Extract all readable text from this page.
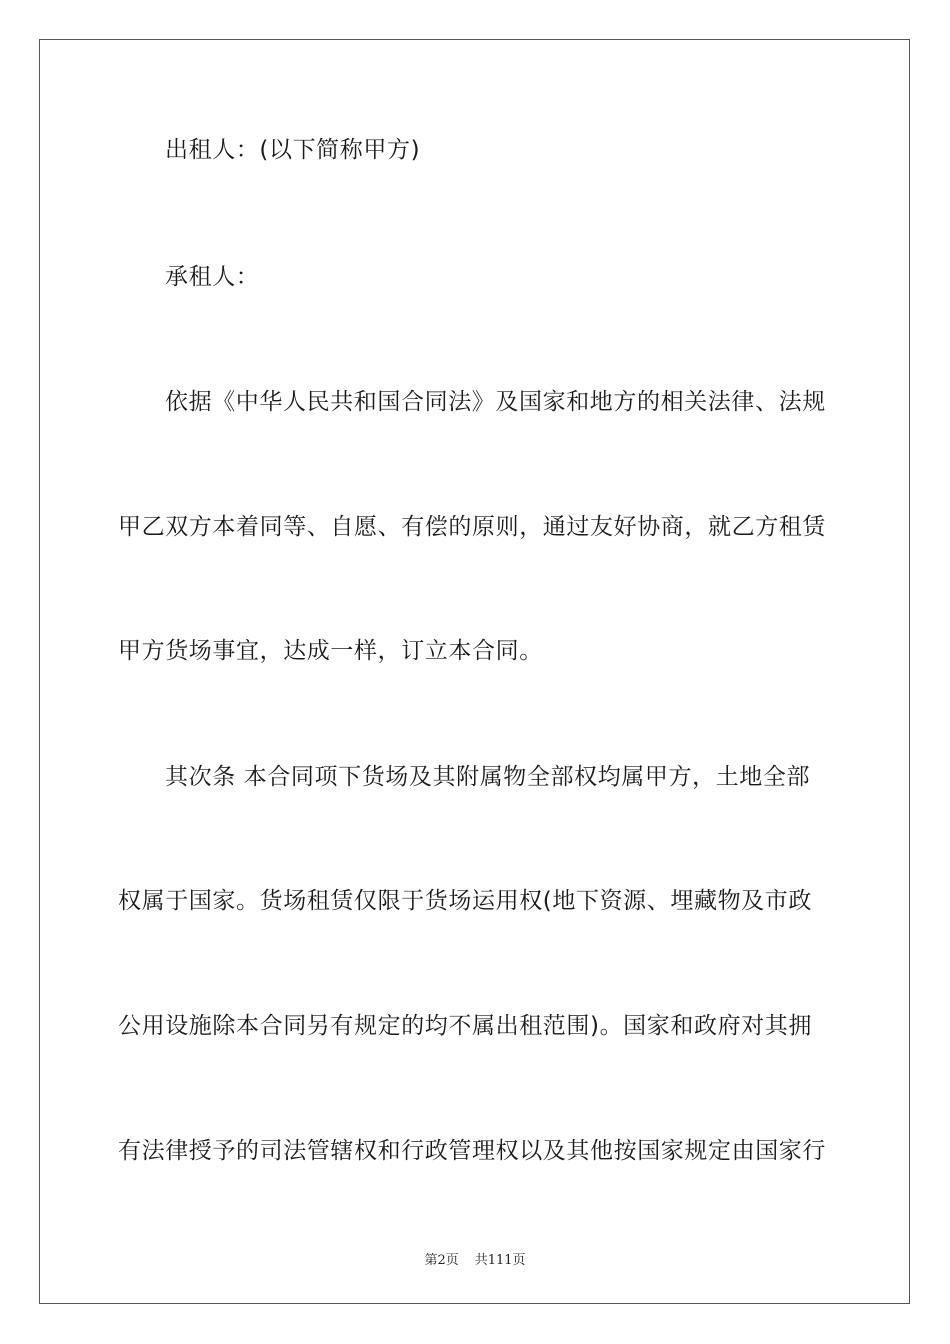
出租人：(以下简称甲方)
承租人：
依据《中华人民共和国合同法》及国家和地方的相关法律、法规
甲乙双方本着同等、自愿、有偿的原则，通过友好协商，就乙方租赁
甲方货场事宜，达成一样，订立本合同。
其次条 本合同项下货场及其附属物全部权均属甲方，土地全部
权属于国家。货场租赁仅限于货场运用权(地下资源、埋藏物及市政
公用设施除本合同另有规定的均不属出租范围)。国家和政府对其拥
有法律授予的司法管辖权和行政管理权以及其他按国家规定由国家行
第2页 共111页
